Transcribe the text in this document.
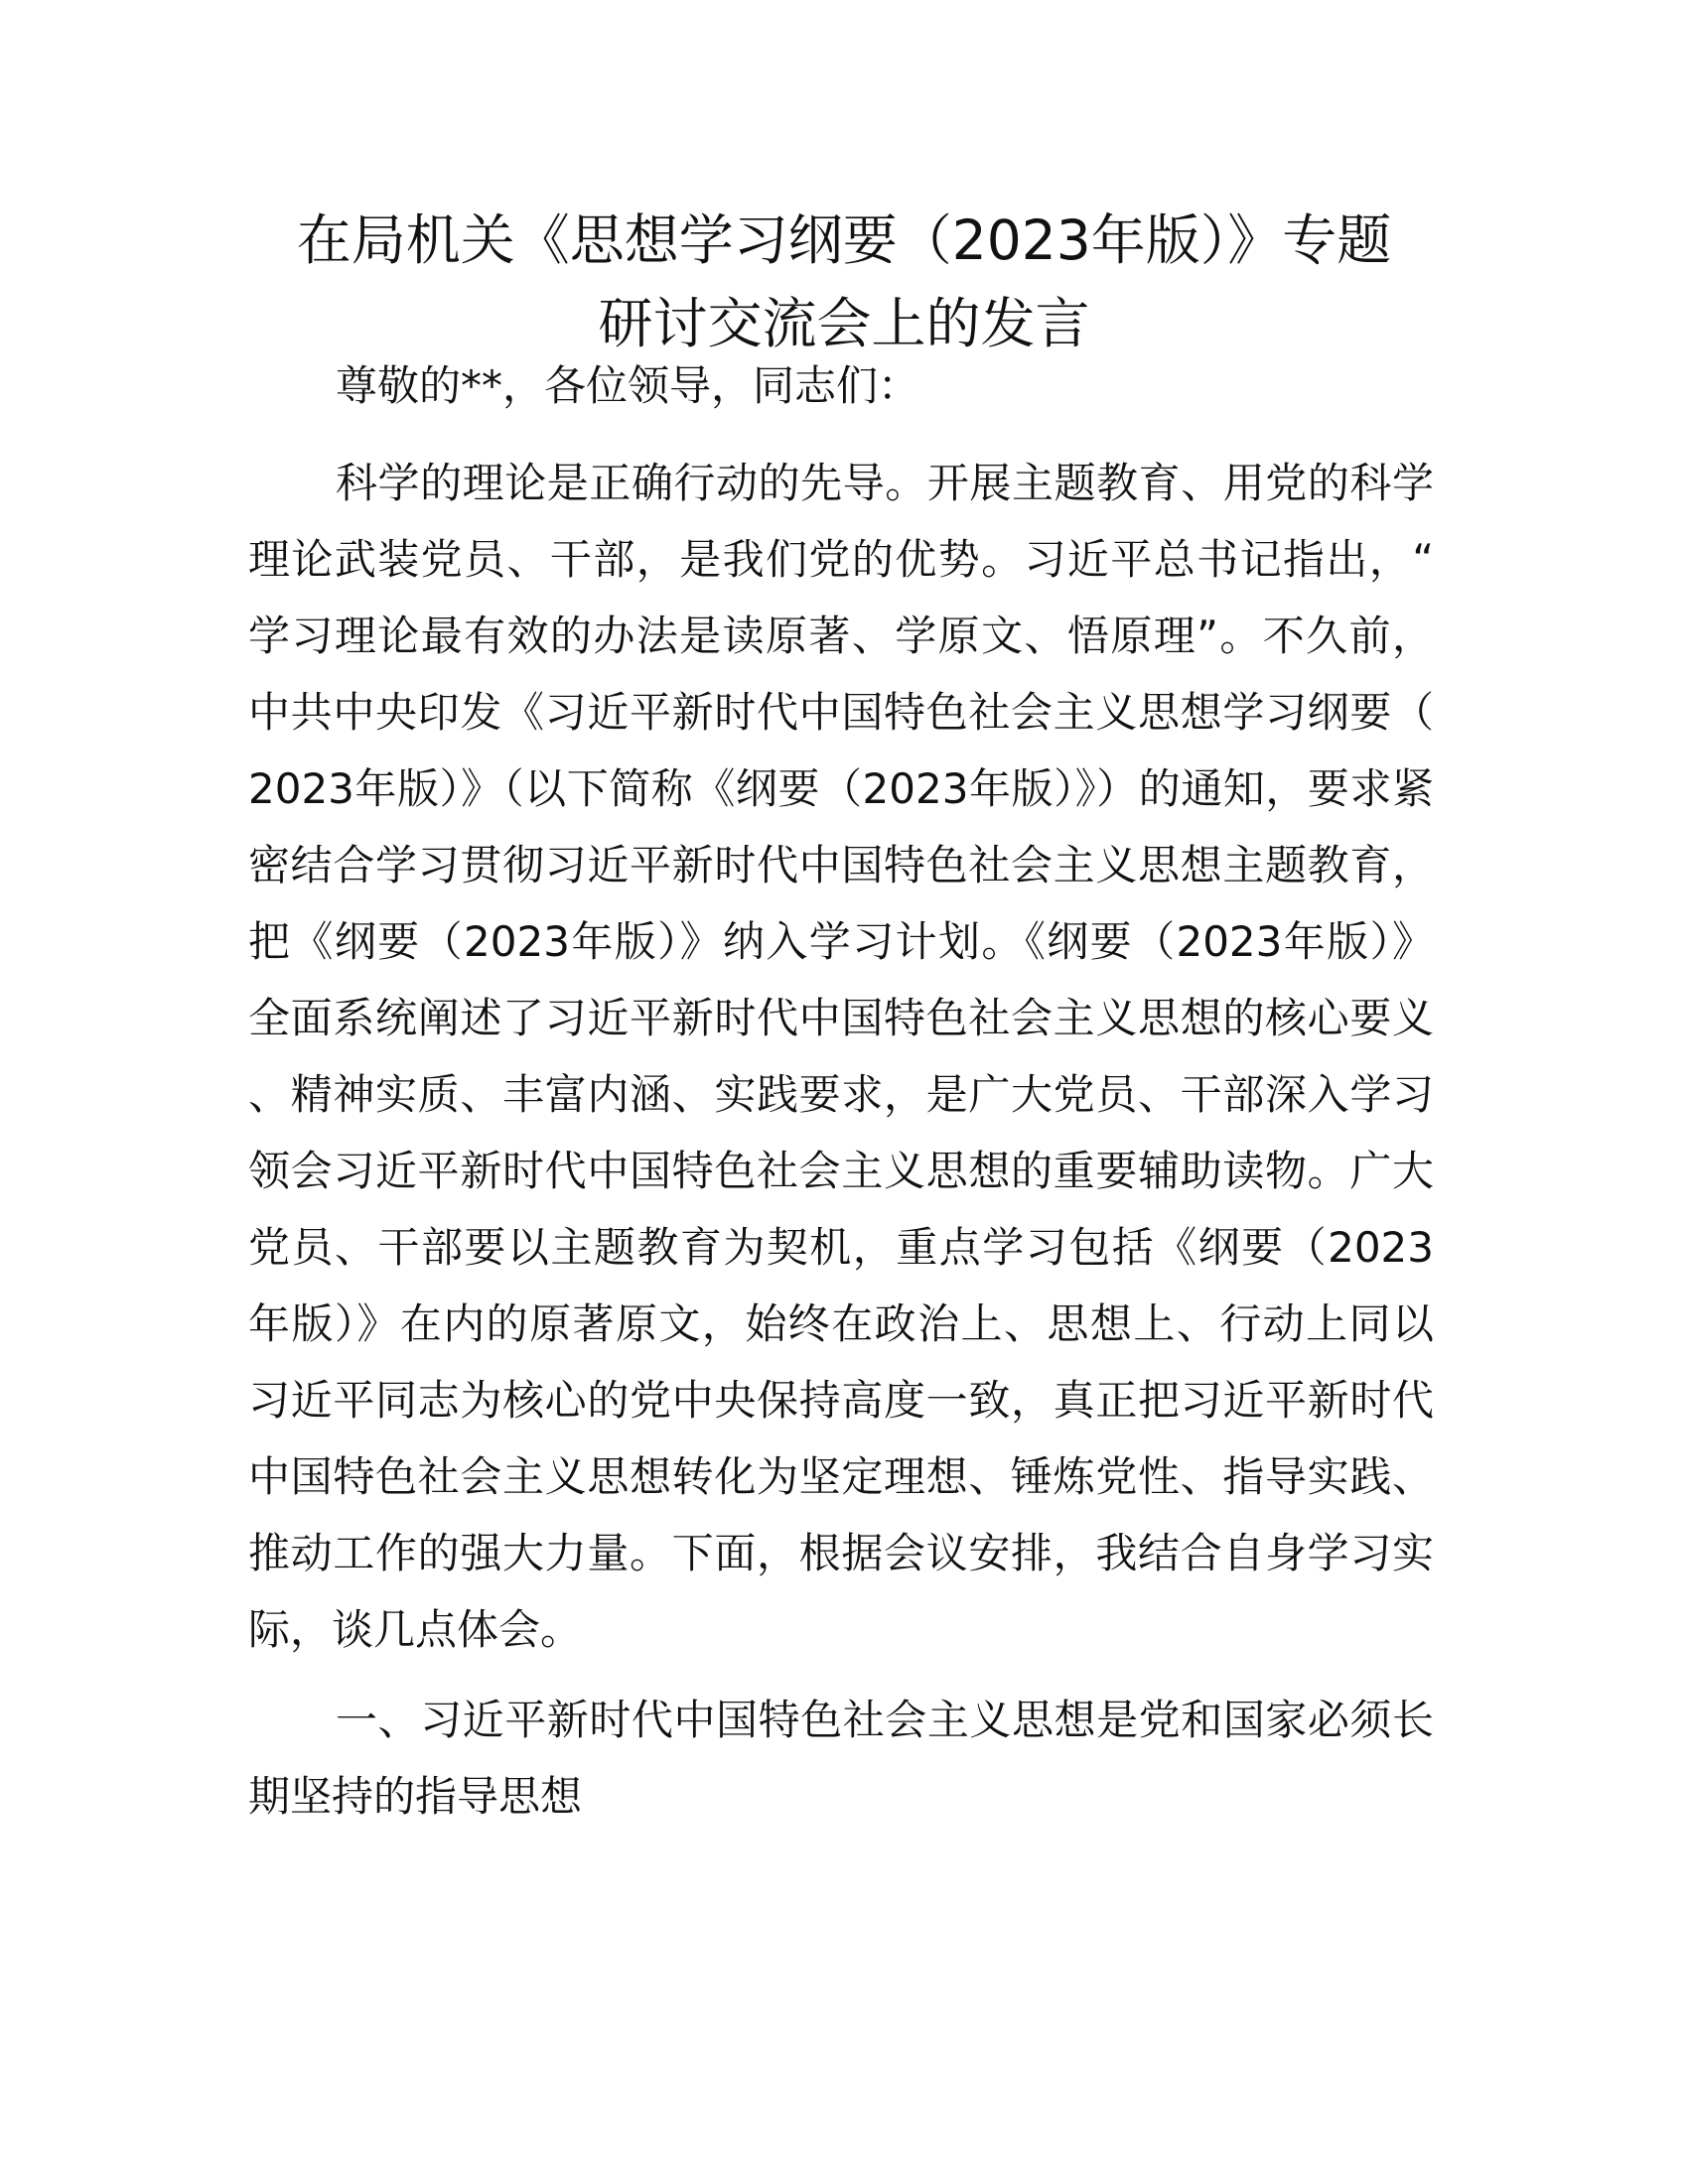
在局机关《思想学习纲要（2023年版）》专题
研讨交流会上的发言

尊敬的**，各位领导，同志们：

科学的理论是正确行动的先导。开展主题教育、用党的科学理论武装党员、干部，是我们党的优势。习近平总书记指出，“学习理论最有效的办法是读原著、学原文、悟原理”。不久前，中共中央印发《习近平新时代中国特色社会主义思想学习纲要（2023年版）》（以下简称《纲要（2023年版）》）的通知，要求紧密结合学习贯彻习近平新时代中国特色社会主义思想主题教育，把《纲要（2023年版）》纳入学习计划。《纲要（2023年版）》全面系统阐述了习近平新时代中国特色社会主义思想的核心要义、精神实质、丰富内涵、实践要求，是广大党员、干部深入学习领会习近平新时代中国特色社会主义思想的重要辅助读物。广大党员、干部要以主题教育为契机，重点学习包括《纲要（2023年版）》在内的原著原文，始终在政治上、思想上、行动上同以习近平同志为核心的党中央保持高度一致，真正把习近平新时代中国特色社会主义思想转化为坚定理想、锤炼党性、指导实践、推动工作的强大力量。下面，根据会议安排，我结合自身学习实际，谈几点体会。

一、习近平新时代中国特色社会主义思想是党和国家必须长期坚持的指导思想
